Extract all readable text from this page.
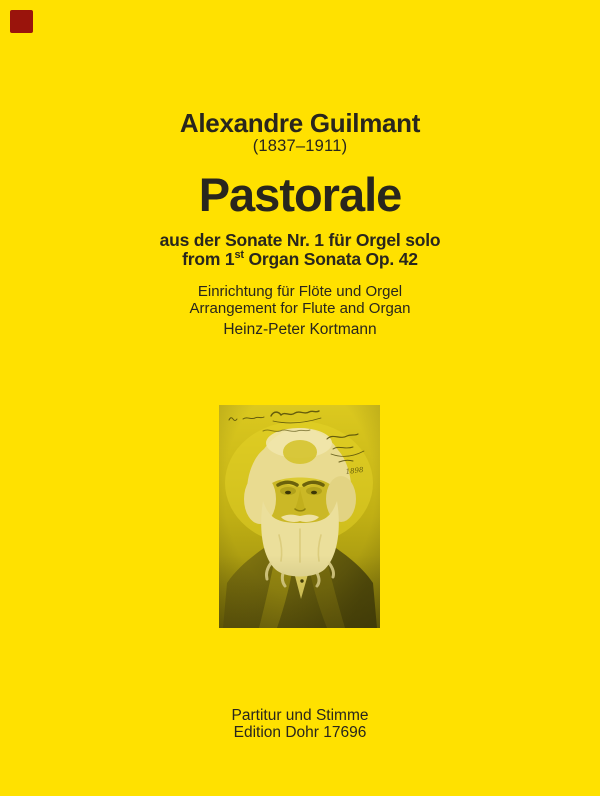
Alexandre Guilmant
(1837–1911)
Pastorale
aus der Sonate Nr. 1 für Orgel solo
from 1st Organ Sonata Op. 42
Einrichtung für Flöte und Orgel
Arrangement for Flute and Organ
Heinz-Peter Kortmann
Partitur und Stimme
Edition Dohr 17696
